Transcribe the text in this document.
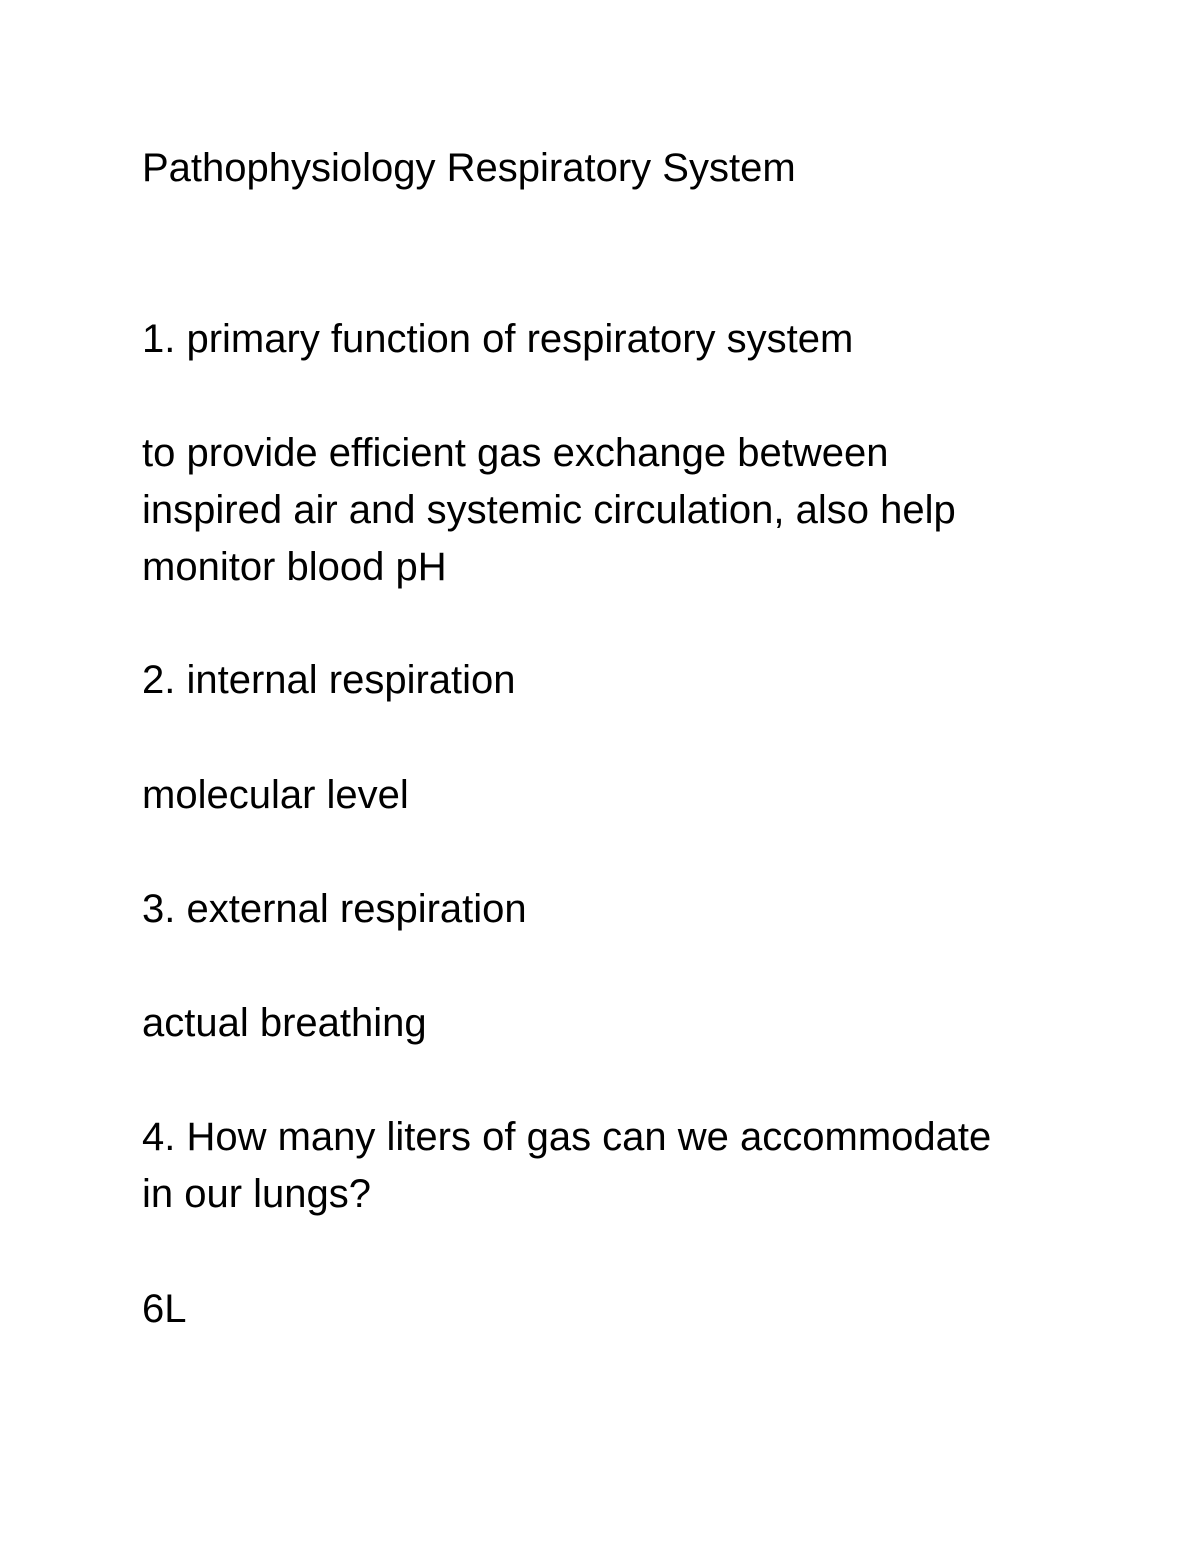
Pathophysiology Respiratory System

1. primary function of respiratory system

to provide efficient gas exchange between
inspired air and systemic circulation, also help
monitor blood pH

2. internal respiration

molecular level

3. external respiration

actual breathing

4. How many liters of gas can we accommodate
in our lungs?

6L
